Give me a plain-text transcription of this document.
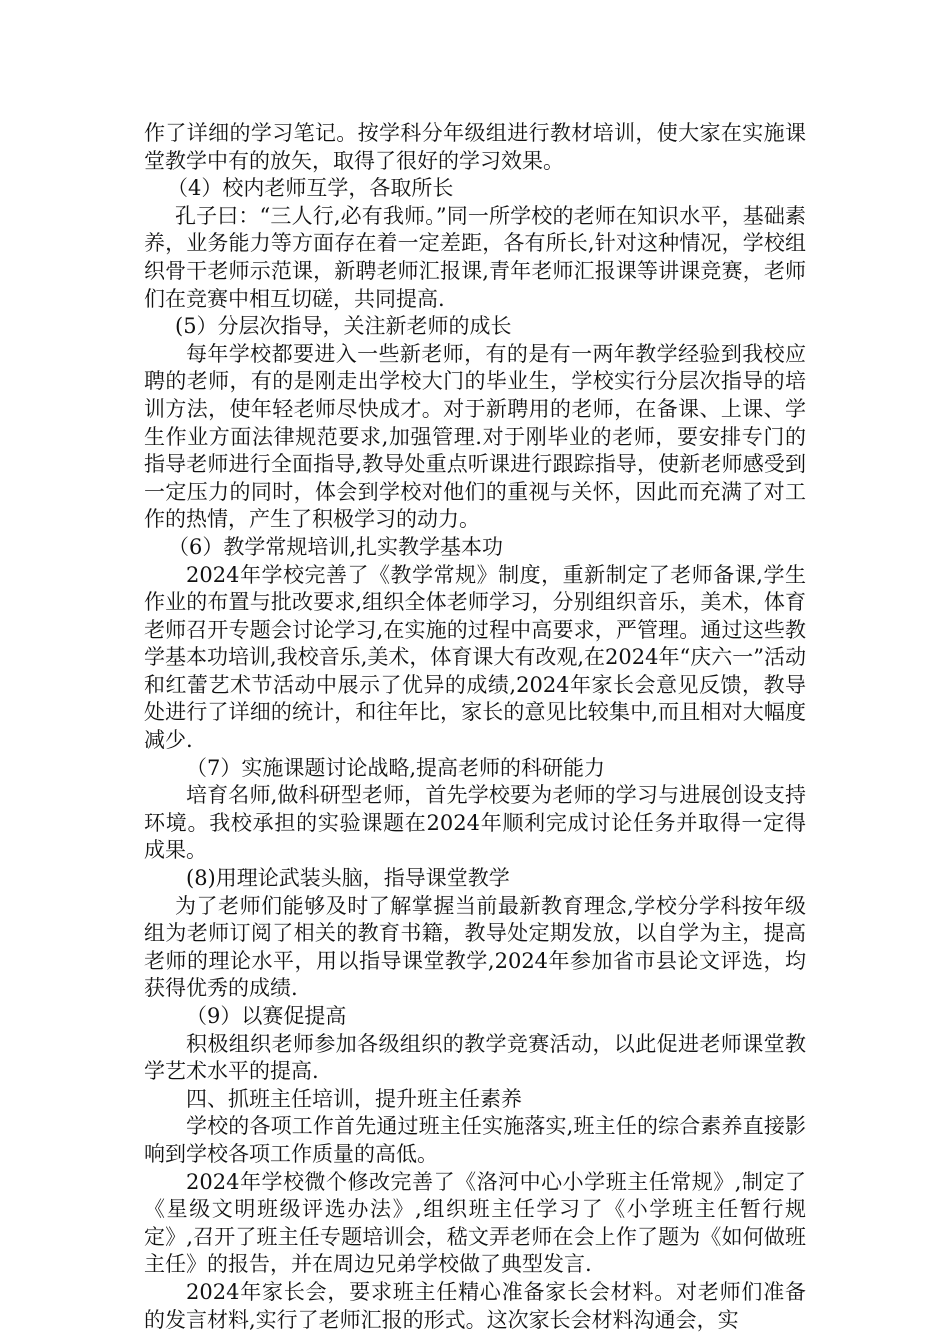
作了详细的学习笔记。按学科分年级组进行教材培训，使大家在实施课堂教学中有的放矢，取得了很好的学习效果。

（4）校内老师互学，各取所长

孔子曰：“三人行,必有我师。”同一所学校的老师在知识水平，基础素养，业务能力等方面存在着一定差距，各有所长,针对这种情况，学校组织骨干老师示范课，新聘老师汇报课,青年老师汇报课等讲课竞赛，老师们在竞赛中相互切磋，共同提高.

(5）分层次指导，关注新老师的成长

每年学校都要进入一些新老师，有的是有一两年教学经验到我校应聘的老师，有的是刚走出学校大门的毕业生，学校实行分层次指导的培训方法，使年轻老师尽快成才。对于新聘用的老师，在备课、上课、学生作业方面法律规范要求,加强管理.对于刚毕业的老师，要安排专门的指导老师进行全面指导,教导处重点听课进行跟踪指导，使新老师感受到一定压力的同时，体会到学校对他们的重视与关怀，因此而充满了对工作的热情，产生了积极学习的动力。

（6）教学常规培训,扎实教学基本功

2024年学校完善了《教学常规》制度，重新制定了老师备课,学生作业的布置与批改要求,组织全体老师学习，分别组织音乐，美术，体育老师召开专题会讨论学习,在实施的过程中高要求，严管理。通过这些教学基本功培训,我校音乐,美术，体育课大有改观,在2024年“庆六一”活动和红蕾艺术节活动中展示了优异的成绩,2024年家长会意见反馈，教导处进行了详细的统计，和往年比，家长的意见比较集中,而且相对大幅度减少.

（7）实施课题讨论战略,提高老师的科研能力

培育名师,做科研型老师，首先学校要为老师的学习与进展创设支持环境。我校承担的实验课题在2024年顺利完成讨论任务并取得一定得成果。

(8)用理论武装头脑，指导课堂教学

为了老师们能够及时了解掌握当前最新教育理念,学校分学科按年级组为老师订阅了相关的教育书籍，教导处定期发放，以自学为主，提高老师的理论水平，用以指导课堂教学,2024年参加省市县论文评选，均获得优秀的成绩.

（9）以赛促提高

积极组织老师参加各级组织的教学竞赛活动，以此促进老师课堂教学艺术水平的提高.

四、抓班主任培训，提升班主任素养

学校的各项工作首先通过班主任实施落实,班主任的综合素养直接影响到学校各项工作质量的高低。

2024年学校微个修改完善了《洛河中心小学班主任常规》,制定了《星级文明班级评选办法》,组织班主任学习了《小学班主任暂行规定》,召开了班主任专题培训会，嵇文弄老师在会上作了题为《如何做班主任》的报告，并在周边兄弟学校做了典型发言.

2024年家长会，要求班主任精心准备家长会材料。对老师们准备的发言材料,实行了老师汇报的形式。这次家长会材料沟通会，实
